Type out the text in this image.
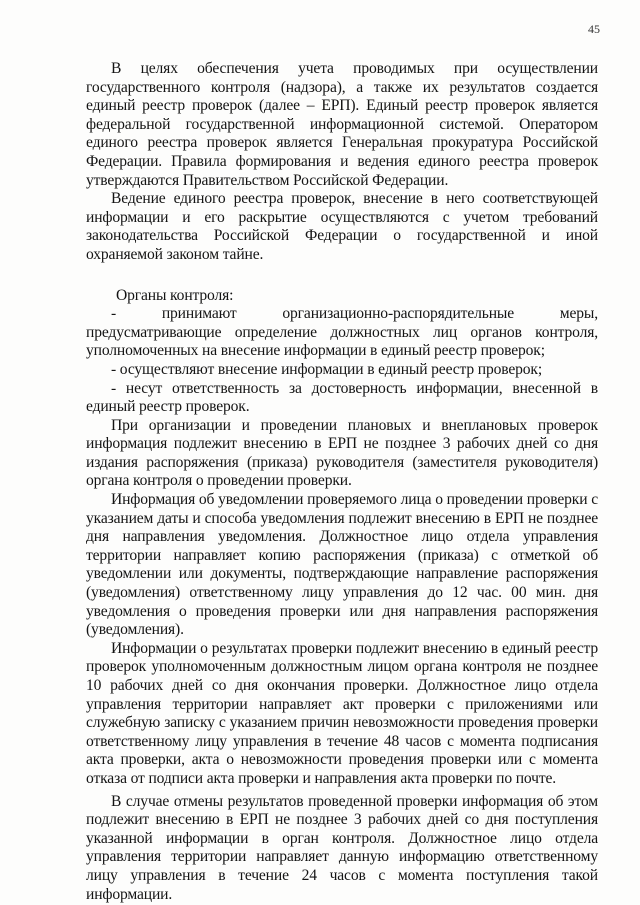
45

В целях обеспечения учета проводимых при осуществлении государственного контроля (надзора), а также их результатов создается единый реестр проверок (далее – ЕРП). Единый реестр проверок является федеральной государственной информационной системой. Оператором единого реестра проверок является Генеральная прокуратура Российской Федерации. Правила формирования и ведения единого реестра проверок утверждаются Правительством Российской Федерации.

Ведение единого реестра проверок, внесение в него соответствующей информации и его раскрытие осуществляются с учетом требований законодательства Российской Федерации о государственной и иной охраняемой законом тайне.

Органы контроля:

- принимают организационно-распорядительные меры, предусматривающие определение должностных лиц органов контроля, уполномоченных на внесение информации в единый реестр проверок;

- осуществляют внесение информации в единый реестр проверок;

- несут ответственность за достоверность информации, внесенной в единый реестр проверок.

При организации и проведении плановых и внеплановых проверок информация подлежит внесению в ЕРП не позднее 3 рабочих дней со дня издания распоряжения (приказа) руководителя (заместителя руководителя) органа контроля о проведении проверки.

Информация об уведомлении проверяемого лица о проведении проверки с указанием даты и способа уведомления подлежит внесению в ЕРП не позднее дня направления уведомления. Должностное лицо отдела управления территории направляет копию распоряжения (приказа) с отметкой об уведомлении или документы, подтверждающие направление распоряжения (уведомления) ответственному лицу управления до 12 час. 00 мин. дня уведомления о проведения проверки или дня направления распоряжения (уведомления).

Информации о результатах проверки подлежит внесению в единый реестр проверок уполномоченным должностным лицом органа контроля не позднее 10 рабочих дней со дня окончания проверки. Должностное лицо отдела управления территории направляет акт проверки с приложениями или служебную записку с указанием причин невозможности проведения проверки ответственному лицу управления в течение 48 часов с момента подписания акта проверки, акта о невозможности проведения проверки или с момента отказа от подписи акта проверки и направления акта проверки по почте.

В случае отмены результатов проведенной проверки информация об этом подлежит внесению в ЕРП не позднее 3 рабочих дней со дня поступления указанной информации в орган контроля. Должностное лицо отдела управления территории направляет данную информацию ответственному лицу управления в течение 24 часов с момента поступления такой информации.
